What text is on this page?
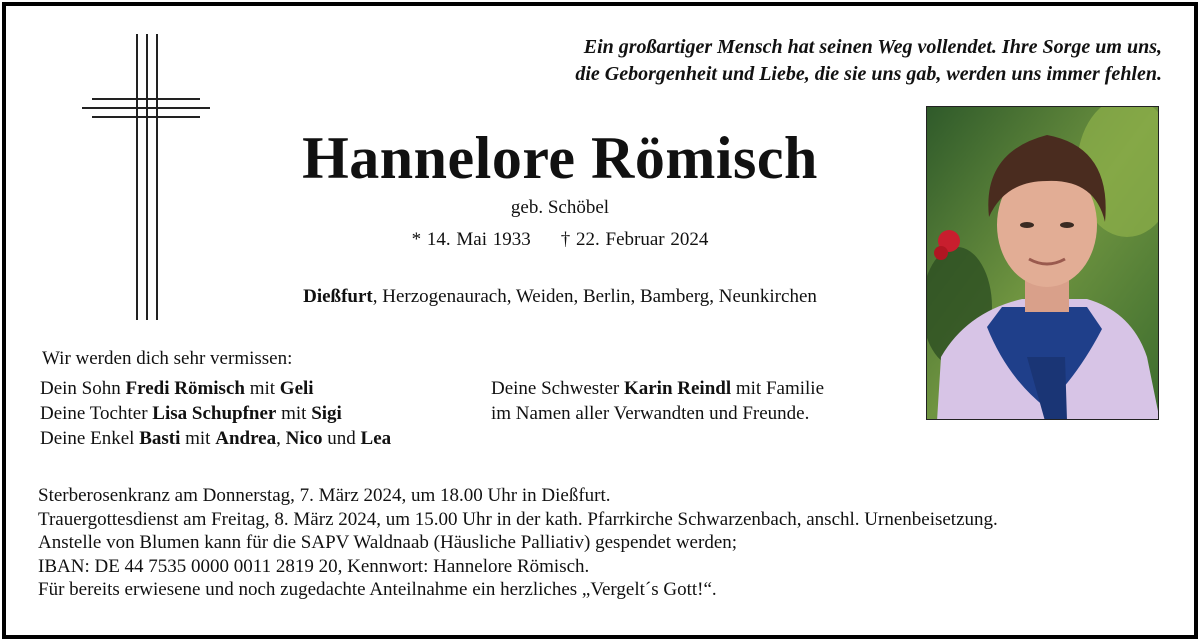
Ein großartiger Mensch hat seinen Weg vollendet. Ihre Sorge um uns,
die Geborgenheit und Liebe, die sie uns gab, werden uns immer fehlen.
Hannelore Römisch
geb. Schöbel
* 14. Mai 1933 † 22. Februar 2024
Dießfurt, Herzogenaurach, Weiden, Berlin, Bamberg, Neunkirchen
Wir werden dich sehr vermissen:
Dein Sohn Fredi Römisch mit Geli
Deine Tochter Lisa Schupfner mit Sigi
Deine Enkel Basti mit Andrea, Nico und Lea
Deine Schwester Karin Reindl mit Familie
im Namen aller Verwandten und Freunde.
Sterberosenkranz am Donnerstag, 7. März 2024, um 18.00 Uhr in Dießfurt.
Trauergottesdienst am Freitag, 8. März 2024, um 15.00 Uhr in der kath. Pfarrkirche Schwarzenbach, anschl. Urnenbeisetzung.
Anstelle von Blumen kann für die SAPV Waldnaab (Häusliche Palliativ) gespendet werden;
IBAN: DE 44 7535 0000 0011 2819 20, Kennwort: Hannelore Römisch.
Für bereits erwiesene und noch zugedachte Anteilnahme ein herzliches „Vergelt´s Gott!“.
